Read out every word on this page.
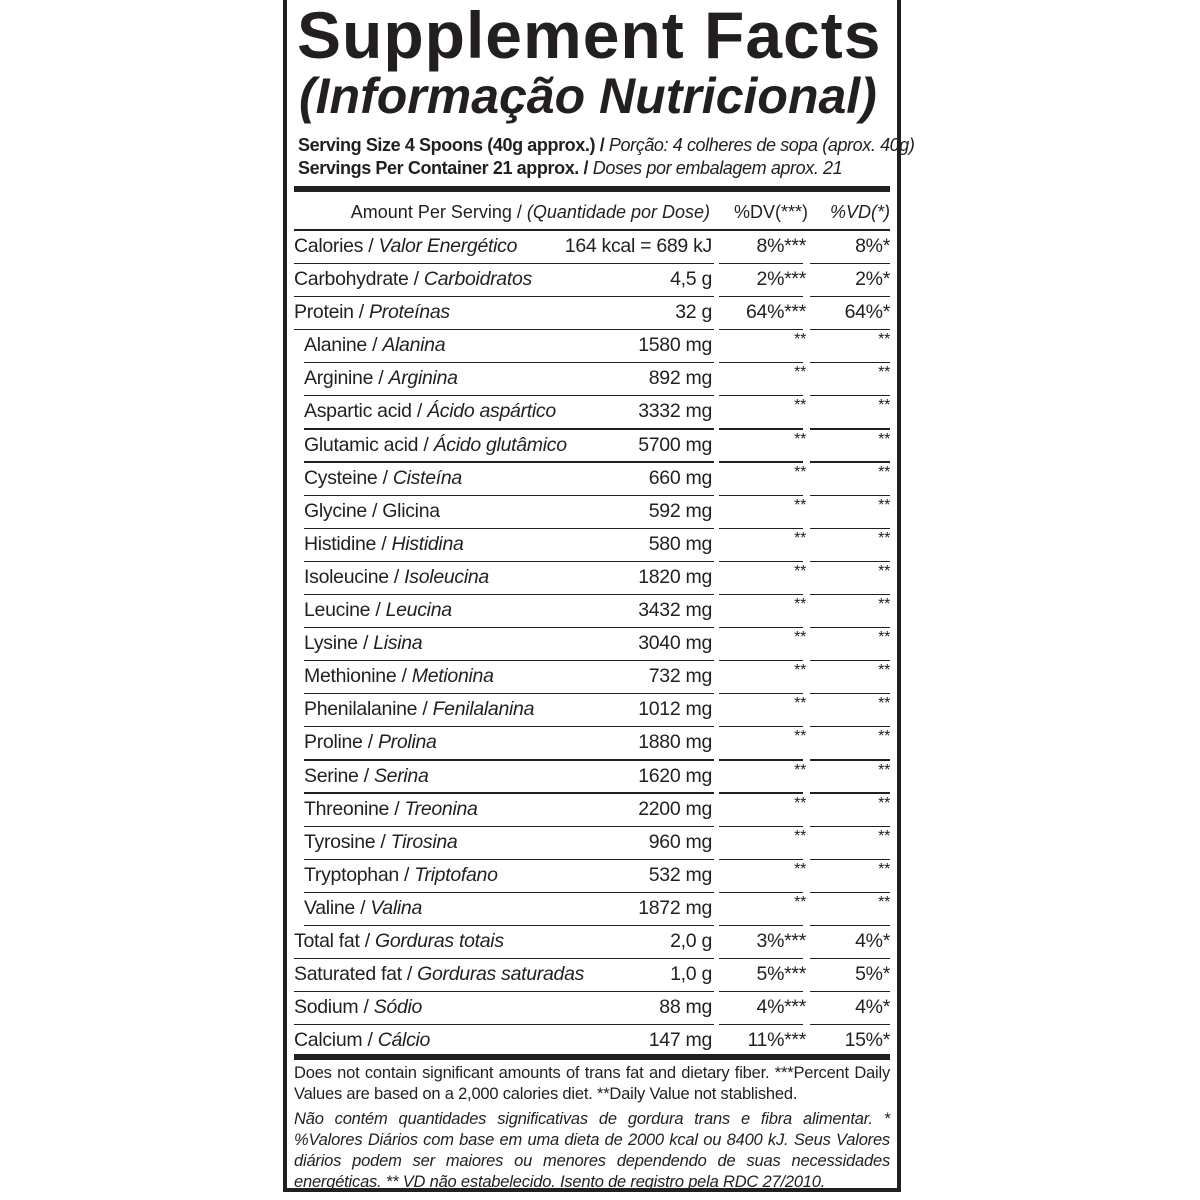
Supplement Facts
(Informação Nutricional)
Serving Size 4 Spoons (40g approx.) / Porção: 4 colheres de sopa (aprox. 40g)
Servings Per Container 21 approx. / Doses por embalagem aprox. 21
Amount Per Serving / (Quantidade por Dose) %DV(***) %VD(*)
Calories / Valor Energético 164 kcal = 689 kJ 8%***	8%*
Carbohydrate / Carboidratos	4,5 g 2%***	2%*
Protein / Proteínas	32 g 64%*** 64%*
Alanine / Alanina	1580 mg	**	**
Arginine / Arginina	892 mg	**	**
Aspartic acid / Ácido aspártico	3332 mg	**	**
Glutamic acid / Ácido glutâmico	5700 mg	**	**
Cysteine / Cisteína	660 mg	**	**
Glycine / Glicina	592 mg	**	**
Histidine / Histidina	580 mg	**	**
Isoleucine / Isoleucina	1820 mg	**	**
Leucine / Leucina	3432 mg	**	**
Lysine / Lisina	3040 mg	**	**
Methionine / Metionina	732 mg	**	**
Phenilalanine / Fenilalanina	1012 mg	**	**
Proline / Prolina	1880 mg	**	**
Serine / Serina	1620 mg	**	**
Threonine / Treonina	2200 mg	**	**
Tyrosine / Tirosina	960 mg	**	**
Tryptophan / Triptofano	532 mg	**	**
Valine / Valina	1872 mg	**	**
Total fat / Gorduras totais	2,0 g 3%***	4%*
Saturated fat / Gorduras saturadas	1,0 g 5%***	5%*
Sodium / Sódio	88 mg 4%***	4%*
Calcium / Cálcio	147 mg 11%*** 15%*
Does not contain significant amounts of trans fat and dietary fiber. ***Percent Daily Values are based on a 2,000 calories diet. **Daily Value not stablished.
Não contém quantidades significativas de gordura trans e fibra alimentar. * %Valores Diários com base em uma dieta de 2000 kcal ou 8400 kJ. Seus Valores diários podem ser maiores ou menores dependendo de suas necessidades energéticas. ** VD não estabelecido. Isento de registro pela RDC 27/2010.
